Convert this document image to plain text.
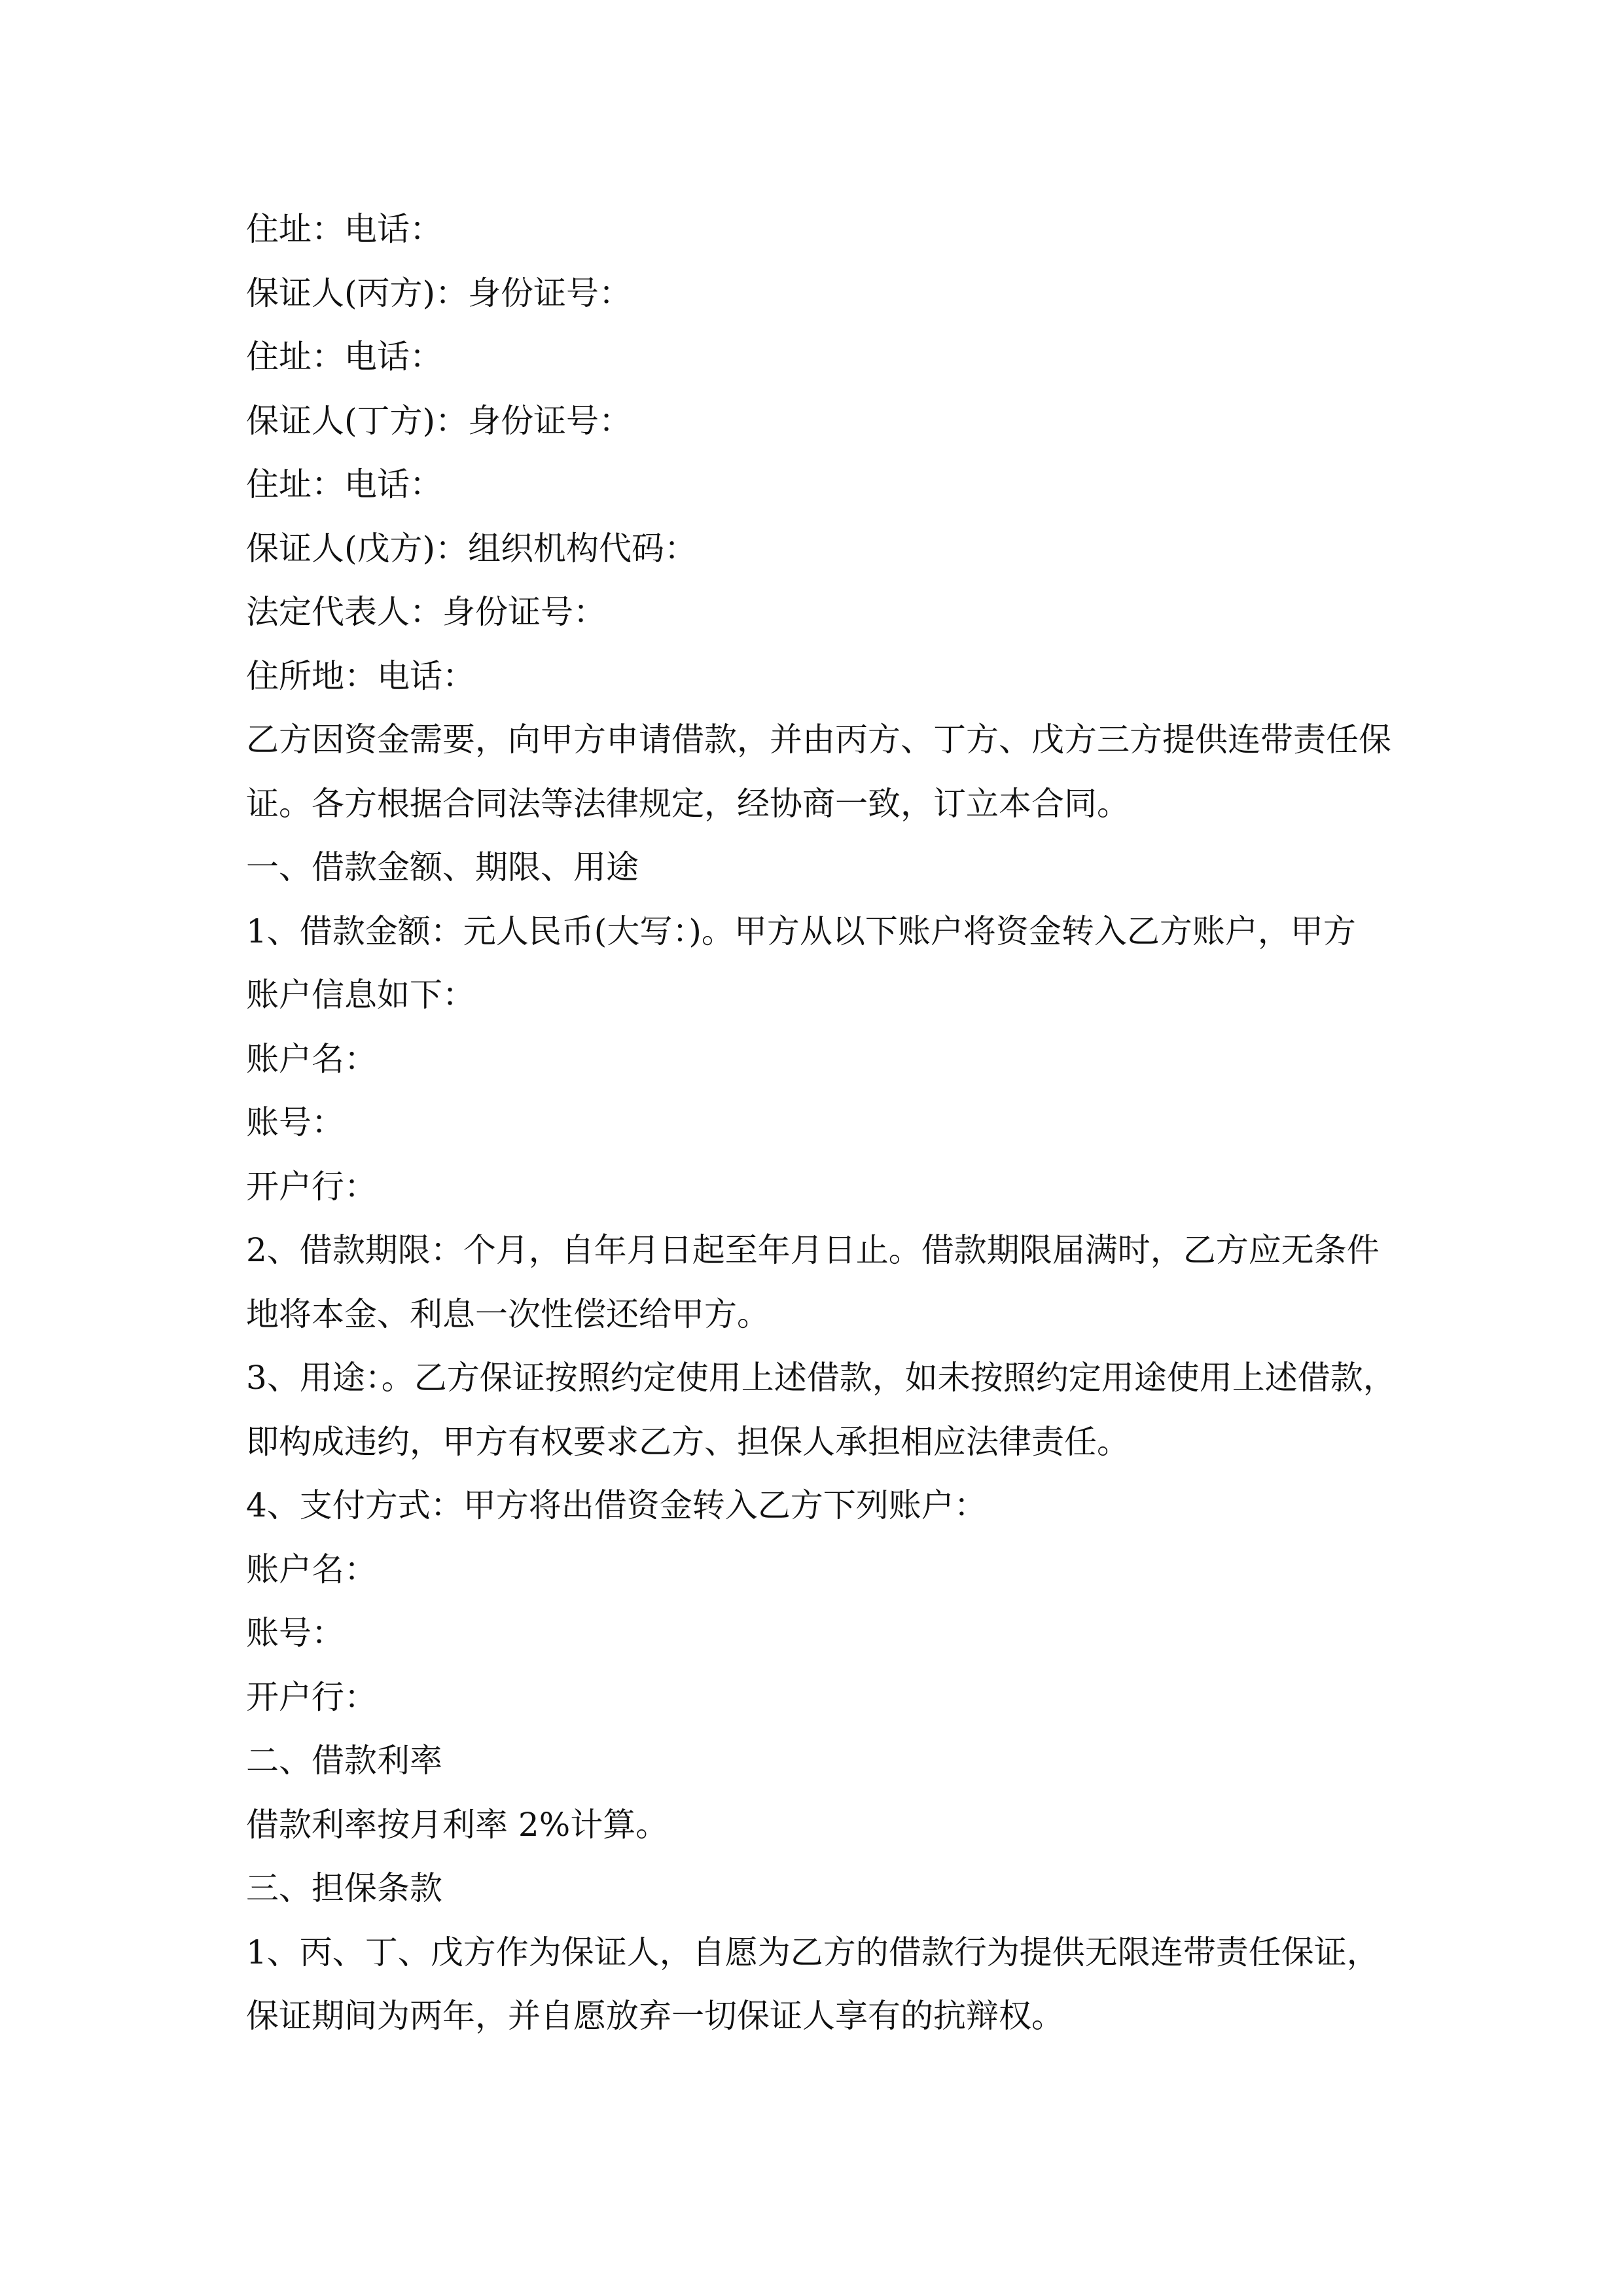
住址：电话：
保证人(丙方)：身份证号：
住址：电话：
保证人(丁方)：身份证号：
住址：电话：
保证人(戊方)：组织机构代码：
法定代表人：身份证号：
住所地：电话：
乙方因资金需要，向甲方申请借款，并由丙方、丁方、戊方三方提供连带责任保
证。各方根据合同法等法律规定，经协商一致，订立本合同。
一、借款金额、期限、用途
1、借款金额：元人民币(大写：)。甲方从以下账户将资金转入乙方账户，甲方
账户信息如下：
账户名：
账号：
开户行：
2、借款期限：个月，自年月日起至年月日止。借款期限届满时，乙方应无条件
地将本金、利息一次性偿还给甲方。
3、用途：。乙方保证按照约定使用上述借款，如未按照约定用途使用上述借款，
即构成违约，甲方有权要求乙方、担保人承担相应法律责任。
4、支付方式：甲方将出借资金转入乙方下列账户：
账户名：
账号：
开户行：
二、借款利率
借款利率按月利率 2%计算。
三、担保条款
1、丙、丁、戊方作为保证人，自愿为乙方的借款行为提供无限连带责任保证，
保证期间为两年，并自愿放弃一切保证人享有的抗辩权。
